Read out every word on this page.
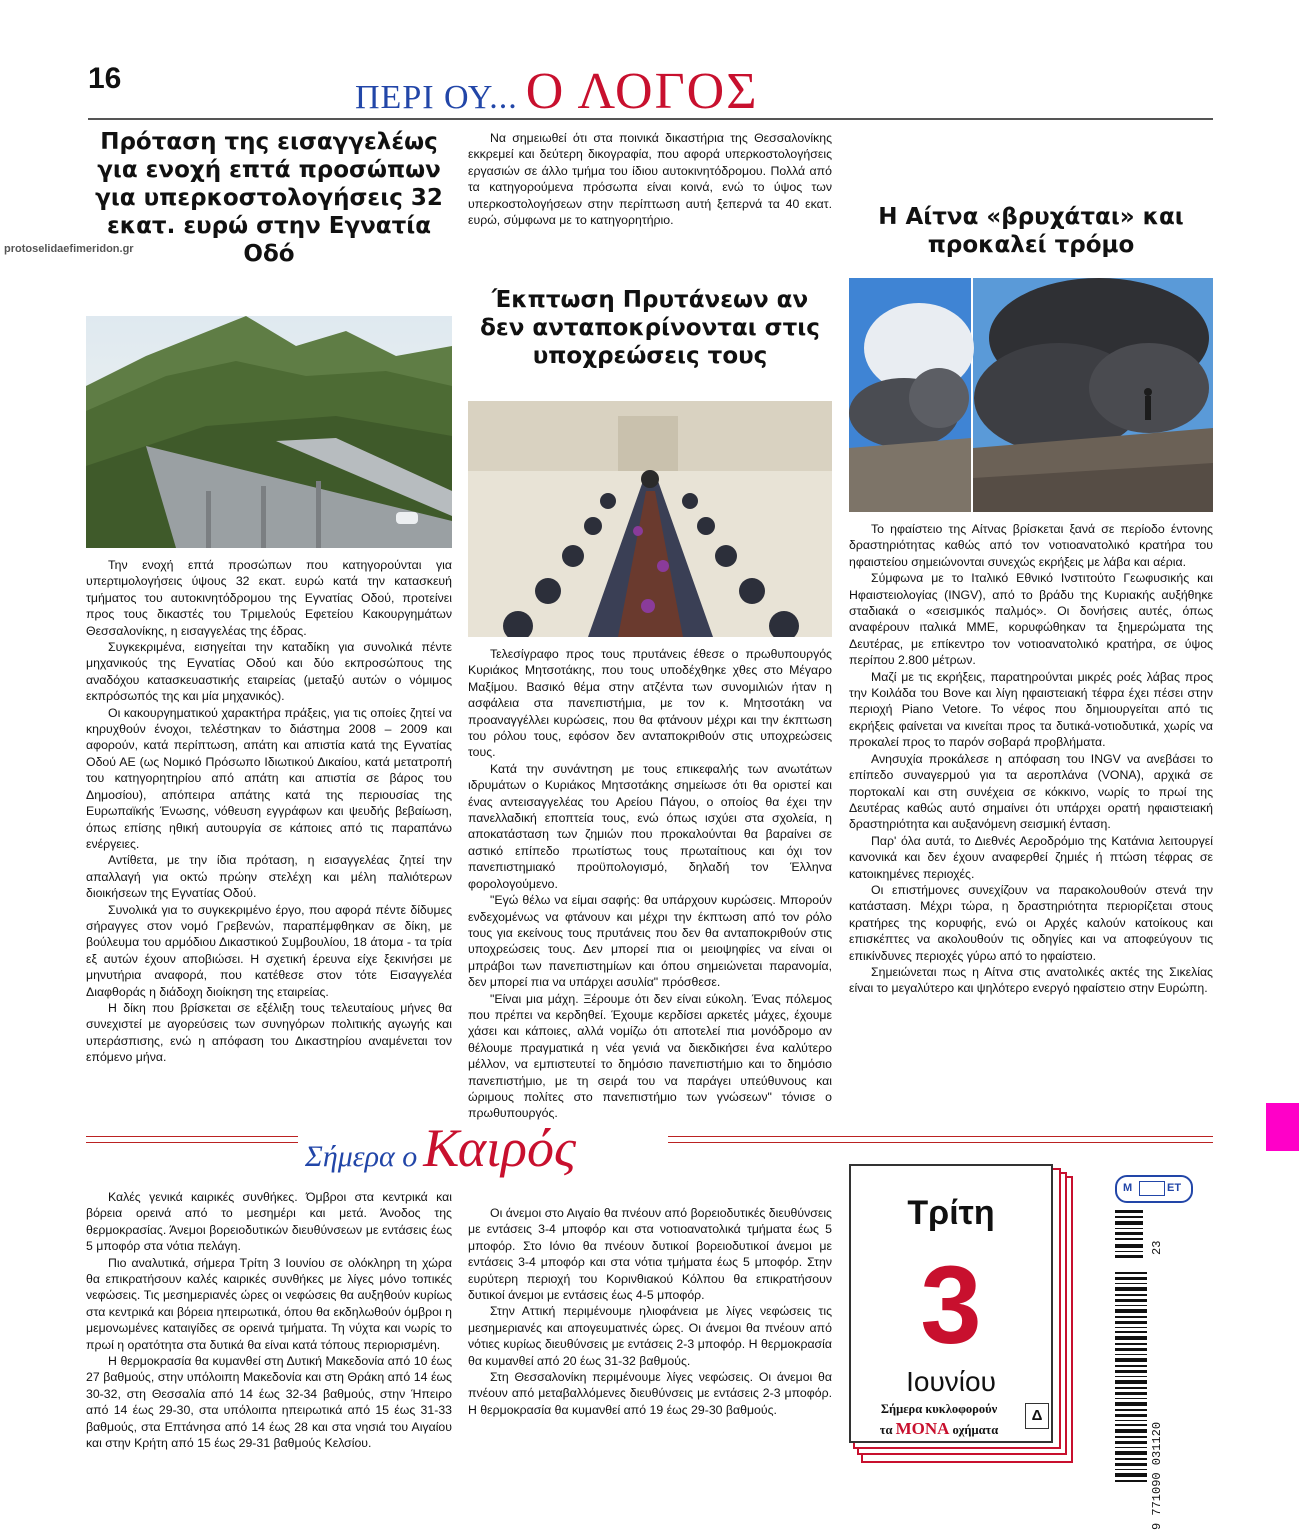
16
ΠΕΡΙ ΟΥ... Ο ΛΟΓΟΣ
protoselidaefimeridon.gr
Πρόταση της εισαγγελέως για ενοχή επτά προσώπων για υπερκοστολογήσεις 32 εκατ. ευρώ στην Εγνατία Οδό

Την ενοχή επτά προσώπων που κατηγορούνται για υπερτιμολογήσεις ύψους 32 εκατ. ευρώ κατά την κατασκευή τμήματος του αυτοκινητόδρομου της Εγνατίας Οδού, προτείνει προς τους δικαστές του Τριμελούς Εφετείου Κακουργημάτων Θεσσαλονίκης, η εισαγγελέας της έδρας.

Συγκεκριμένα, εισηγείται την καταδίκη για συνολικά πέντε μηχανικούς της Εγνατίας Οδού και δύο εκπροσώπους της αναδόχου κατασκευαστικής εταιρείας (μεταξύ αυτών ο νόμιμος εκπρόσωπός της και μία μηχανικός).

Οι κακουργηματικού χαρακτήρα πράξεις, για τις οποίες ζητεί να κηρυχθούν ένοχοι, τελέστηκαν το διάστημα 2008 – 2009 και αφορούν, κατά περίπτωση, απάτη και απιστία κατά της Εγνατίας Οδού ΑΕ (ως Νομικό Πρόσωπο Ιδιωτικού Δικαίου, κατά μετατροπή του κατηγορητηρίου από απάτη και απιστία σε βάρος του Δημοσίου), απόπειρα απάτης κατά της περιουσίας της Ευρωπαϊκής Ένωσης, νόθευση εγγράφων και ψευδής βεβαίωση, όπως επίσης ηθική αυτουργία σε κάποιες από τις παραπάνω ενέργειες.

Αντίθετα, με την ίδια πρόταση, η εισαγγελέας ζητεί την απαλλαγή για οκτώ πρώην στελέχη και μέλη παλιότερων διοικήσεων της Εγνατίας Οδού.

Συνολικά για το συγκεκριμένο έργο, που αφορά πέντε δίδυμες σήραγγες στον νομό Γρεβενών, παραπέμφθηκαν σε δίκη, με βούλευμα του αρμόδιου Δικαστικού Συμβουλίου, 18 άτομα - τα τρία εξ αυτών έχουν αποβιώσει. Η σχετική έρευνα είχε ξεκινήσει με μηνυτήρια αναφορά, που κατέθεσε στον τότε Εισαγγελέα Διαφθοράς η διάδοχη διοίκηση της εταιρείας.

Η δίκη που βρίσκεται σε εξέλιξη τους τελευταίους μήνες θα συνεχιστεί με αγορεύσεις των συνηγόρων πολιτικής αγωγής και υπεράσπισης, ενώ η απόφαση του Δικαστηρίου αναμένεται τον επόμενο μήνα.

Να σημειωθεί ότι στα ποινικά δικαστήρια της Θεσσαλονίκης εκκρεμεί και δεύτερη δικογραφία, που αφορά υπερκοστολογήσεις εργασιών σε άλλο τμήμα του ίδιου αυτοκινητόδρομου. Πολλά από τα κατηγορούμενα πρόσωπα είναι κοινά, ενώ το ύψος των υπερκοστολογήσεων στην περίπτωση αυτή ξεπερνά τα 40 εκατ. ευρώ, σύμφωνα με το κατηγορητήριο.

Έκπτωση Πρυτάνεων αν δεν ανταποκρίνονται στις υποχρεώσεις τους

Τελεσίγραφο προς τους πρυτάνεις έθεσε ο πρωθυπουργός Κυριάκος Μητσοτάκης, που τους υποδέχθηκε χθες στο Μέγαρο Μαξίμου. Βασικό θέμα στην ατζέντα των συνομιλιών ήταν η ασφάλεια στα πανεπιστήμια, με τον κ. Μητσοτάκη να προαναγγέλλει κυρώσεις, που θα φτάνουν μέχρι και την έκπτωση του ρόλου τους, εφόσον δεν ανταποκριθούν στις υποχρεώσεις τους.

Κατά την συνάντηση με τους επικεφαλής των ανωτάτων ιδρυμάτων ο Κυριάκος Μητσοτάκης σημείωσε ότι θα οριστεί και ένας αντεισαγγελέας του Αρείου Πάγου, ο οποίος θα έχει την πανελλαδική εποπτεία τους, ενώ όπως ισχύει στα σχολεία, η αποκατάσταση των ζημιών που προκαλούνται θα βαραίνει σε αστικό επίπεδο πρωτίστως τους πρωταίτιους και όχι τον πανεπιστημιακό προϋπολογισμό, δηλαδή τον Έλληνα φορολογούμενο.

"Εγώ θέλω να είμαι σαφής: θα υπάρχουν κυρώσεις. Μπορούν ενδεχομένως να φτάνουν και μέχρι την έκπτωση από τον ρόλο τους για εκείνους τους πρυτάνεις που δεν θα ανταποκριθούν στις υποχρεώσεις τους. Δεν μπορεί πια οι μειοψηφίες να είναι οι μπράβοι των πανεπιστημίων και όπου σημειώνεται παρανομία, δεν μπορεί πια να υπάρχει ασυλία" πρόσθεσε.

"Είναι μια μάχη. Ξέρουμε ότι δεν είναι εύκολη. Ένας πόλεμος που πρέπει να κερδηθεί. Έχουμε κερδίσει αρκετές μάχες, έχουμε χάσει και κάποιες, αλλά νομίζω ότι αποτελεί πια μονόδρομο αν θέλουμε πραγματικά η νέα γενιά να διεκδικήσει ένα καλύτερο μέλλον, να εμπιστευτεί το δημόσιο πανεπιστήμιο και το δημόσιο πανεπιστήμιο, με τη σειρά του να παράγει υπεύθυνους και ώριμους πολίτες στο πανεπιστήμιο των γνώσεων" τόνισε ο πρωθυπουργός.

Η Αίτνα «βρυχάται» και προκαλεί τρόμο

Το ηφαίστειο της Αίτνας βρίσκεται ξανά σε περίοδο έντονης δραστηριότητας καθώς από τον νοτιοανατολικό κρατήρα του ηφαιστείου σημειώνονται συνεχώς εκρήξεις με λάβα και αέρια.

Σύμφωνα με το Ιταλικό Εθνικό Ινστιτούτο Γεωφυσικής και Ηφαιστειολογίας (INGV), από το βράδυ της Κυριακής αυξήθηκε σταδιακά ο «σεισμικός παλμός». Οι δονήσεις αυτές, όπως αναφέρουν ιταλικά ΜΜΕ, κορυφώθηκαν τα ξημερώματα της Δευτέρας, με επίκεντρο τον νοτιοανατολικό κρατήρα, σε ύψος περίπου 2.800 μέτρων.

Μαζί με τις εκρήξεις, παρατηρούνται μικρές ροές λάβας προς την Κοιλάδα του Bove και λίγη ηφαιστειακή τέφρα έχει πέσει στην περιοχή Piano Vetore. Το νέφος που δημιουργείται από τις εκρήξεις φαίνεται να κινείται προς τα δυτικά-νοτιοδυτικά, χωρίς να προκαλεί προς το παρόν σοβαρά προβλήματα.

Ανησυχία προκάλεσε η απόφαση του INGV να ανεβάσει το επίπεδο συναγερμού για τα αεροπλάνα (VONA), αρχικά σε πορτοκαλί και στη συνέχεια σε κόκκινο, νωρίς το πρωί της Δευτέρας καθώς αυτό σημαίνει ότι υπάρχει ορατή ηφαιστειακή δραστηριότητα και αυξανόμενη σεισμική ένταση.

Παρ' όλα αυτά, το Διεθνές Αεροδρόμιο της Κατάνια λειτουργεί κανονικά και δεν έχουν αναφερθεί ζημιές ή πτώση τέφρας σε κατοικημένες περιοχές.

Οι επιστήμονες συνεχίζουν να παρακολουθούν στενά την κατάσταση. Μέχρι τώρα, η δραστηριότητα περιορίζεται στους κρατήρες της κορυφής, ενώ οι Αρχές καλούν κατοίκους και επισκέπτες να ακολουθούν τις οδηγίες και να αποφεύγουν τις επικίνδυνες περιοχές γύρω από το ηφαίστειο.

Σημειώνεται πως η Αίτνα στις ανατολικές ακτές της Σικελίας είναι το μεγαλύτερο και ψηλότερο ενεργό ηφαίστειο στην Ευρώπη.

Σήμερα ο Καιρός

Καλές γενικά καιρικές συνθήκες. Όμβροι στα κεντρικά και βόρεια ορεινά από το μεσημέρι και μετά. Άνοδος της θερμοκρασίας. Άνεμοι βορειοδυτικών διευθύνσεων με εντάσεις έως 5 μποφόρ στα νότια πελάγη.

Πιο αναλυτικά, σήμερα Τρίτη 3 Ιουνίου σε ολόκληρη τη χώρα θα επικρατήσουν καλές καιρικές συνθήκες με λίγες μόνο τοπικές νεφώσεις. Τις μεσημεριανές ώρες οι νεφώσεις θα αυξηθούν κυρίως στα κεντρικά και βόρεια ηπειρωτικά, όπου θα εκδηλωθούν όμβροι η μεμονωμένες καταιγίδες σε ορεινά τμήματα. Τη νύχτα και νωρίς το πρωί η ορατότητα στα δυτικά θα είναι κατά τόπους περιορισμένη.

Η θερμοκρασία θα κυμανθεί στη Δυτική Μακεδονία από 10 έως 27 βαθμούς, στην υπόλοιπη Μακεδονία και στη Θράκη από 14 έως 30-32, στη Θεσσαλία από 14 έως 32-34 βαθμούς, στην Ήπειρο από 14 έως 29-30, στα υπόλοιπα ηπειρωτικά από 15 έως 31-33 βαθμούς, στα Επτάνησα από 14 έως 28 και στα νησιά του Αιγαίου και στην Κρήτη από 15 έως 29-31 βαθμούς Κελσίου.

Οι άνεμοι στο Αιγαίο θα πνέουν από βορειοδυτικές διευθύνσεις με εντάσεις 3-4 μποφόρ και στα νοτιοανατολικά τμήματα έως 5 μποφόρ. Στο Ιόνιο θα πνέουν δυτικοί βορειοδυτικοί άνεμοι με εντάσεις 3-4 μποφόρ και στα νότια τμήματα έως 5 μποφόρ. Στην ευρύτερη περιοχή του Κορινθιακού Κόλπου θα επικρατήσουν δυτικοί άνεμοι με εντάσεις έως 4-5 μποφόρ.

Στην Αττική περιμένουμε ηλιοφάνεια με λίγες νεφώσεις τις μεσημεριανές και απογευματινές ώρες. Οι άνεμοι θα πνέουν από νότιες κυρίως διευθύνσεις με εντάσεις 2-3 μποφόρ. Η θερμοκρασία θα κυμανθεί από 20 έως 31-32 βαθμούς.

Στη Θεσσαλονίκη περιμένουμε λίγες νεφώσεις. Οι άνεμοι θα πνέουν από μεταβαλλόμενες διευθύνσεις με εντάσεις 2-3 μποφόρ. Η θερμοκρασία θα κυμανθεί από 19 έως 29-30 βαθμούς.

Τρίτη
3
Ιουνίου
Σήμερα κυκλοφορούν
τα ΜΟΝΑ οχήματα
Δ
Μ	ΕΤ
9 771090 031120
23
